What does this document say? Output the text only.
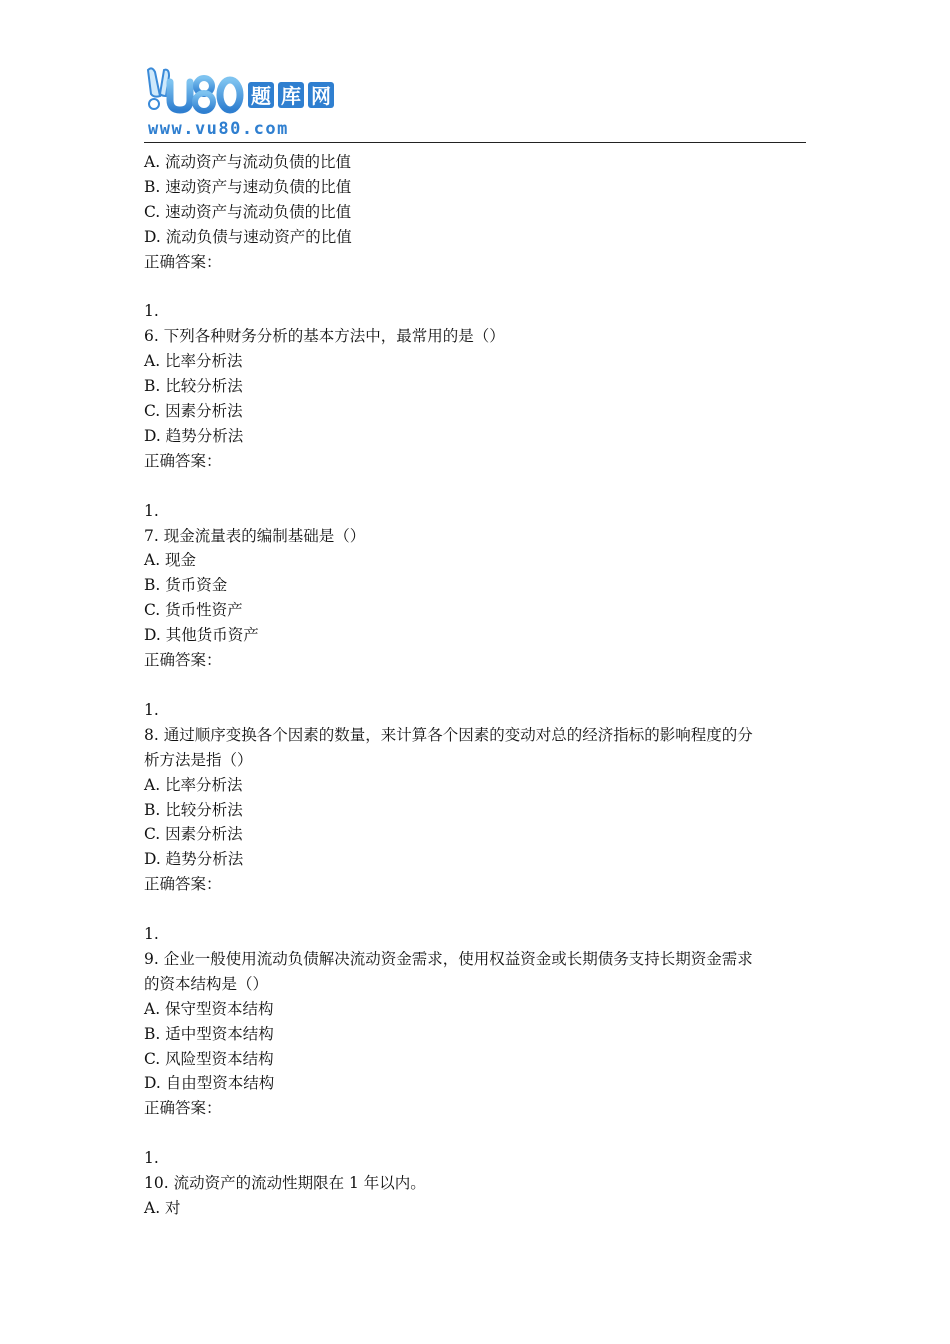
题 库 网
www.vu80.com
A. 流动资产与流动负债的比值
B. 速动资产与速动负债的比值
C. 速动资产与流动负债的比值
D. 流动负债与速动资产的比值
正确答案：
1.
6. 下列各种财务分析的基本方法中，最常用的是（）
A. 比率分析法
B. 比较分析法
C. 因素分析法
D. 趋势分析法
正确答案：
1.
7. 现金流量表的编制基础是（）
A. 现金
B. 货币资金
C. 货币性资产
D. 其他货币资产
正确答案：
1.
8. 通过顺序变换各个因素的数量，来计算各个因素的变动对总的经济指标的影响程度的分
析方法是指（）
A. 比率分析法
B. 比较分析法
C. 因素分析法
D. 趋势分析法
正确答案：
1.
9. 企业一般使用流动负债解决流动资金需求，使用权益资金或长期债务支持长期资金需求
的资本结构是（）
A. 保守型资本结构
B. 适中型资本结构
C. 风险型资本结构
D. 自由型资本结构
正确答案：
1.
10. 流动资产的流动性期限在 1 年以内。
A. 对
